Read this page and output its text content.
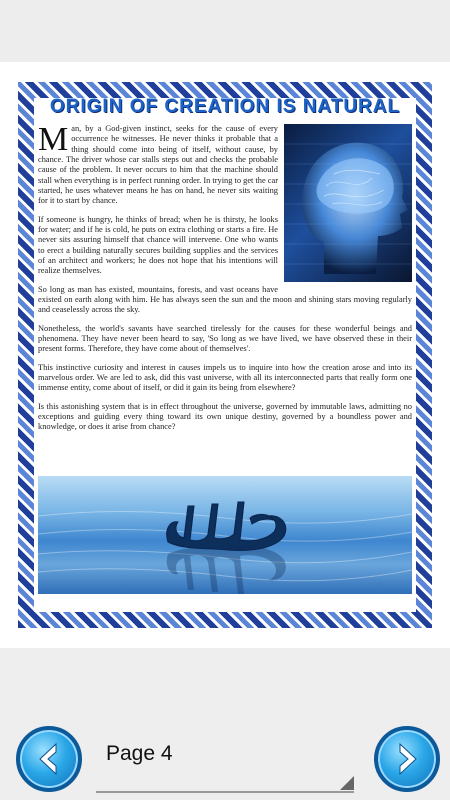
ORIGIN OF CREATION IS NATURAL

Man, by a God-given instinct, seeks for the cause of every occurrence he witnesses. He never thinks it probable that a thing should come into being of itself, without cause, by chance. The driver whose car stalls steps out and checks the probable cause of the problem. It never occurs to him that the machine should stall when everything is in perfect running order. In trying to get the car started, he uses whatever means he has on hand, he never sits waiting for it to start by chance.

If someone is hungry, he thinks of bread; when he is thirsty, he looks for water; and if he is cold, he puts on extra clothing or starts a fire. He never sits assuring himself that chance will intervene. One who wants to erect a building naturally secures building supplies and the services of an architect and workers; he does not hope that his intentions will realize themselves.

So long as man has existed, mountains, forests, and vast oceans have existed on earth along with him. He has always seen the sun and the moon and shining stars moving regularly and ceaselessly across the sky.

Nonetheless, the world's savants have searched tirelessly for the causes for these wonderful beings and phenomena. They have never been heard to say, 'So long as we have lived, we have observed these in their present forms. Therefore, they have come about of themselves'.

This instinctive curiosity and interest in causes impels us to inquire into how the creation arose and into its marvelous order. We are led to ask, did this vast universe, with all its interconnected parts that really form one immense entity, come about of itself, or did it gain its being from elsewhere?

Is this astonishing system that is in effect throughout the universe, governed by immutable laws, admitting no exceptions and guiding every thing toward its own unique destiny, governed by a boundless power and knowledge, or does it arise from chance?

Page 4
